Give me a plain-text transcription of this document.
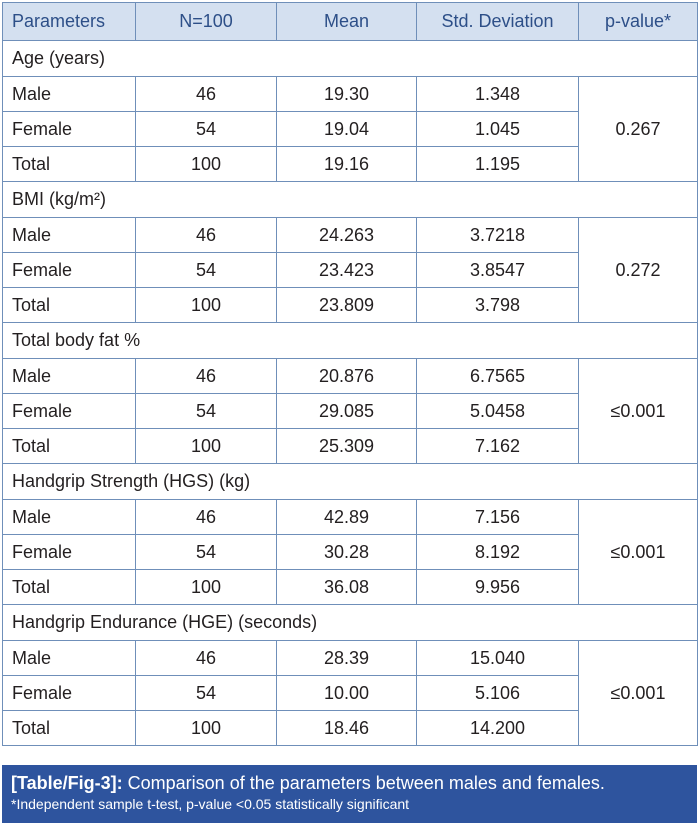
Parameters	N=100	Mean	Std. Deviation	p-value*
Age (years)				
Male	46	19.30	1.348	0.267
Female	54	19.04	1.045	
Total	100	19.16	1.195	
BMI (kg/m²)				
Male	46	24.263	3.7218	0.272
Female	54	23.423	3.8547	
Total	100	23.809	3.798	
Total body fat %				
Male	46	20.876	6.7565	≤0.001
Female	54	29.085	5.0458	
Total	100	25.309	7.162	
Handgrip Strength (HGS) (kg)				
Male	46	42.89	7.156	≤0.001
Female	54	30.28	8.192	
Total	100	36.08	9.956	
Handgrip Endurance (HGE) (seconds)				
Male	46	28.39	15.040	≤0.001
Female	54	10.00	5.106	
Total	100	18.46	14.200	
[Table/Fig-3]: Comparison of the parameters between males and females.
*Independent sample t-test, p-value <0.05 statistically significant
